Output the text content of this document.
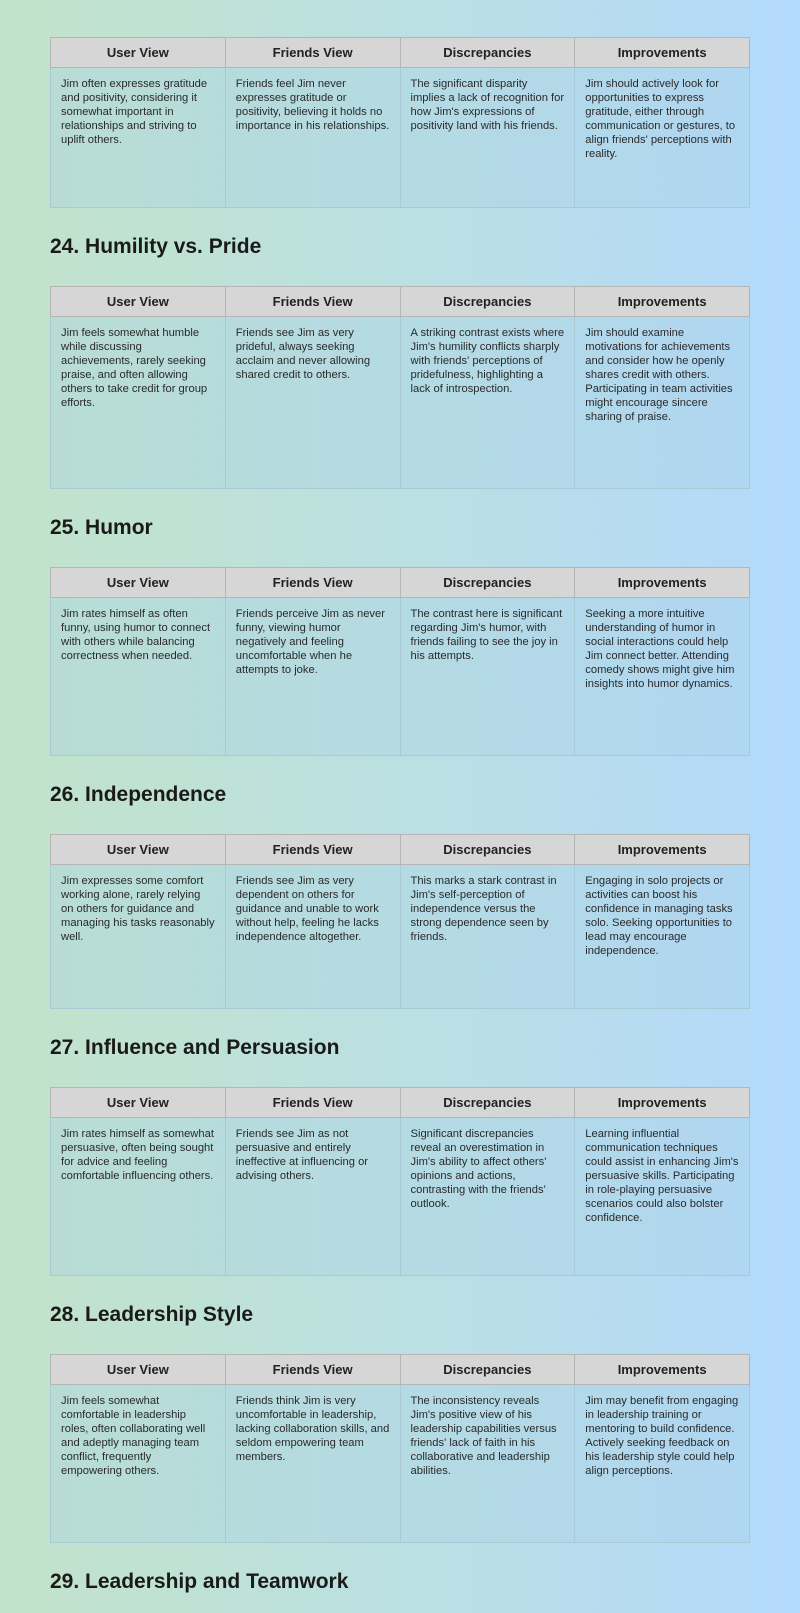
User View	Friends View	Discrepancies	Improvements
Jim often expresses gratitude and positivity, considering it somewhat important in relationships and striving to uplift others.	Friends feel Jim never expresses gratitude or positivity, believing it holds no importance in his relationships.	The significant disparity implies a lack of recognition for how Jim's expressions of positivity land with his friends.	Jim should actively look for opportunities to express gratitude, either through communication or gestures, to align friends' perceptions with reality.
24. Humility vs. Pride
User View	Friends View	Discrepancies	Improvements
Jim feels somewhat humble while discussing achievements, rarely seeking praise, and often allowing others to take credit for group efforts.	Friends see Jim as very prideful, always seeking acclaim and never allowing shared credit to others.	A striking contrast exists where Jim's humility conflicts sharply with friends' perceptions of pridefulness, highlighting a lack of introspection.	Jim should examine motivations for achievements and consider how he openly shares credit with others. Participating in team activities might encourage sincere sharing of praise.
25. Humor
User View	Friends View	Discrepancies	Improvements
Jim rates himself as often funny, using humor to connect with others while balancing correctness when needed.	Friends perceive Jim as never funny, viewing humor negatively and feeling uncomfortable when he attempts to joke.	The contrast here is significant regarding Jim's humor, with friends failing to see the joy in his attempts.	Seeking a more intuitive understanding of humor in social interactions could help Jim connect better. Attending comedy shows might give him insights into humor dynamics.
26. Independence
User View	Friends View	Discrepancies	Improvements
Jim expresses some comfort working alone, rarely relying on others for guidance and managing his tasks reasonably well.	Friends see Jim as very dependent on others for guidance and unable to work without help, feeling he lacks independence altogether.	This marks a stark contrast in Jim's self-perception of independence versus the strong dependence seen by friends.	Engaging in solo projects or activities can boost his confidence in managing tasks solo. Seeking opportunities to lead may encourage independence.
27. Influence and Persuasion
User View	Friends View	Discrepancies	Improvements
Jim rates himself as somewhat persuasive, often being sought for advice and feeling comfortable influencing others.	Friends see Jim as not persuasive and entirely ineffective at influencing or advising others.	Significant discrepancies reveal an overestimation in Jim's ability to affect others' opinions and actions, contrasting with the friends' outlook.	Learning influential communication techniques could assist in enhancing Jim's persuasive skills. Participating in role-playing persuasive scenarios could also bolster confidence.
28. Leadership Style
User View	Friends View	Discrepancies	Improvements
Jim feels somewhat comfortable in leadership roles, often collaborating well and adeptly managing team conflict, frequently empowering others.	Friends think Jim is very uncomfortable in leadership, lacking collaboration skills, and seldom empowering team members.	The inconsistency reveals Jim's positive view of his leadership capabilities versus friends' lack of faith in his collaborative and leadership abilities.	Jim may benefit from engaging in leadership training or mentoring to build confidence. Actively seeking feedback on his leadership style could help align perceptions.
29. Leadership and Teamwork
